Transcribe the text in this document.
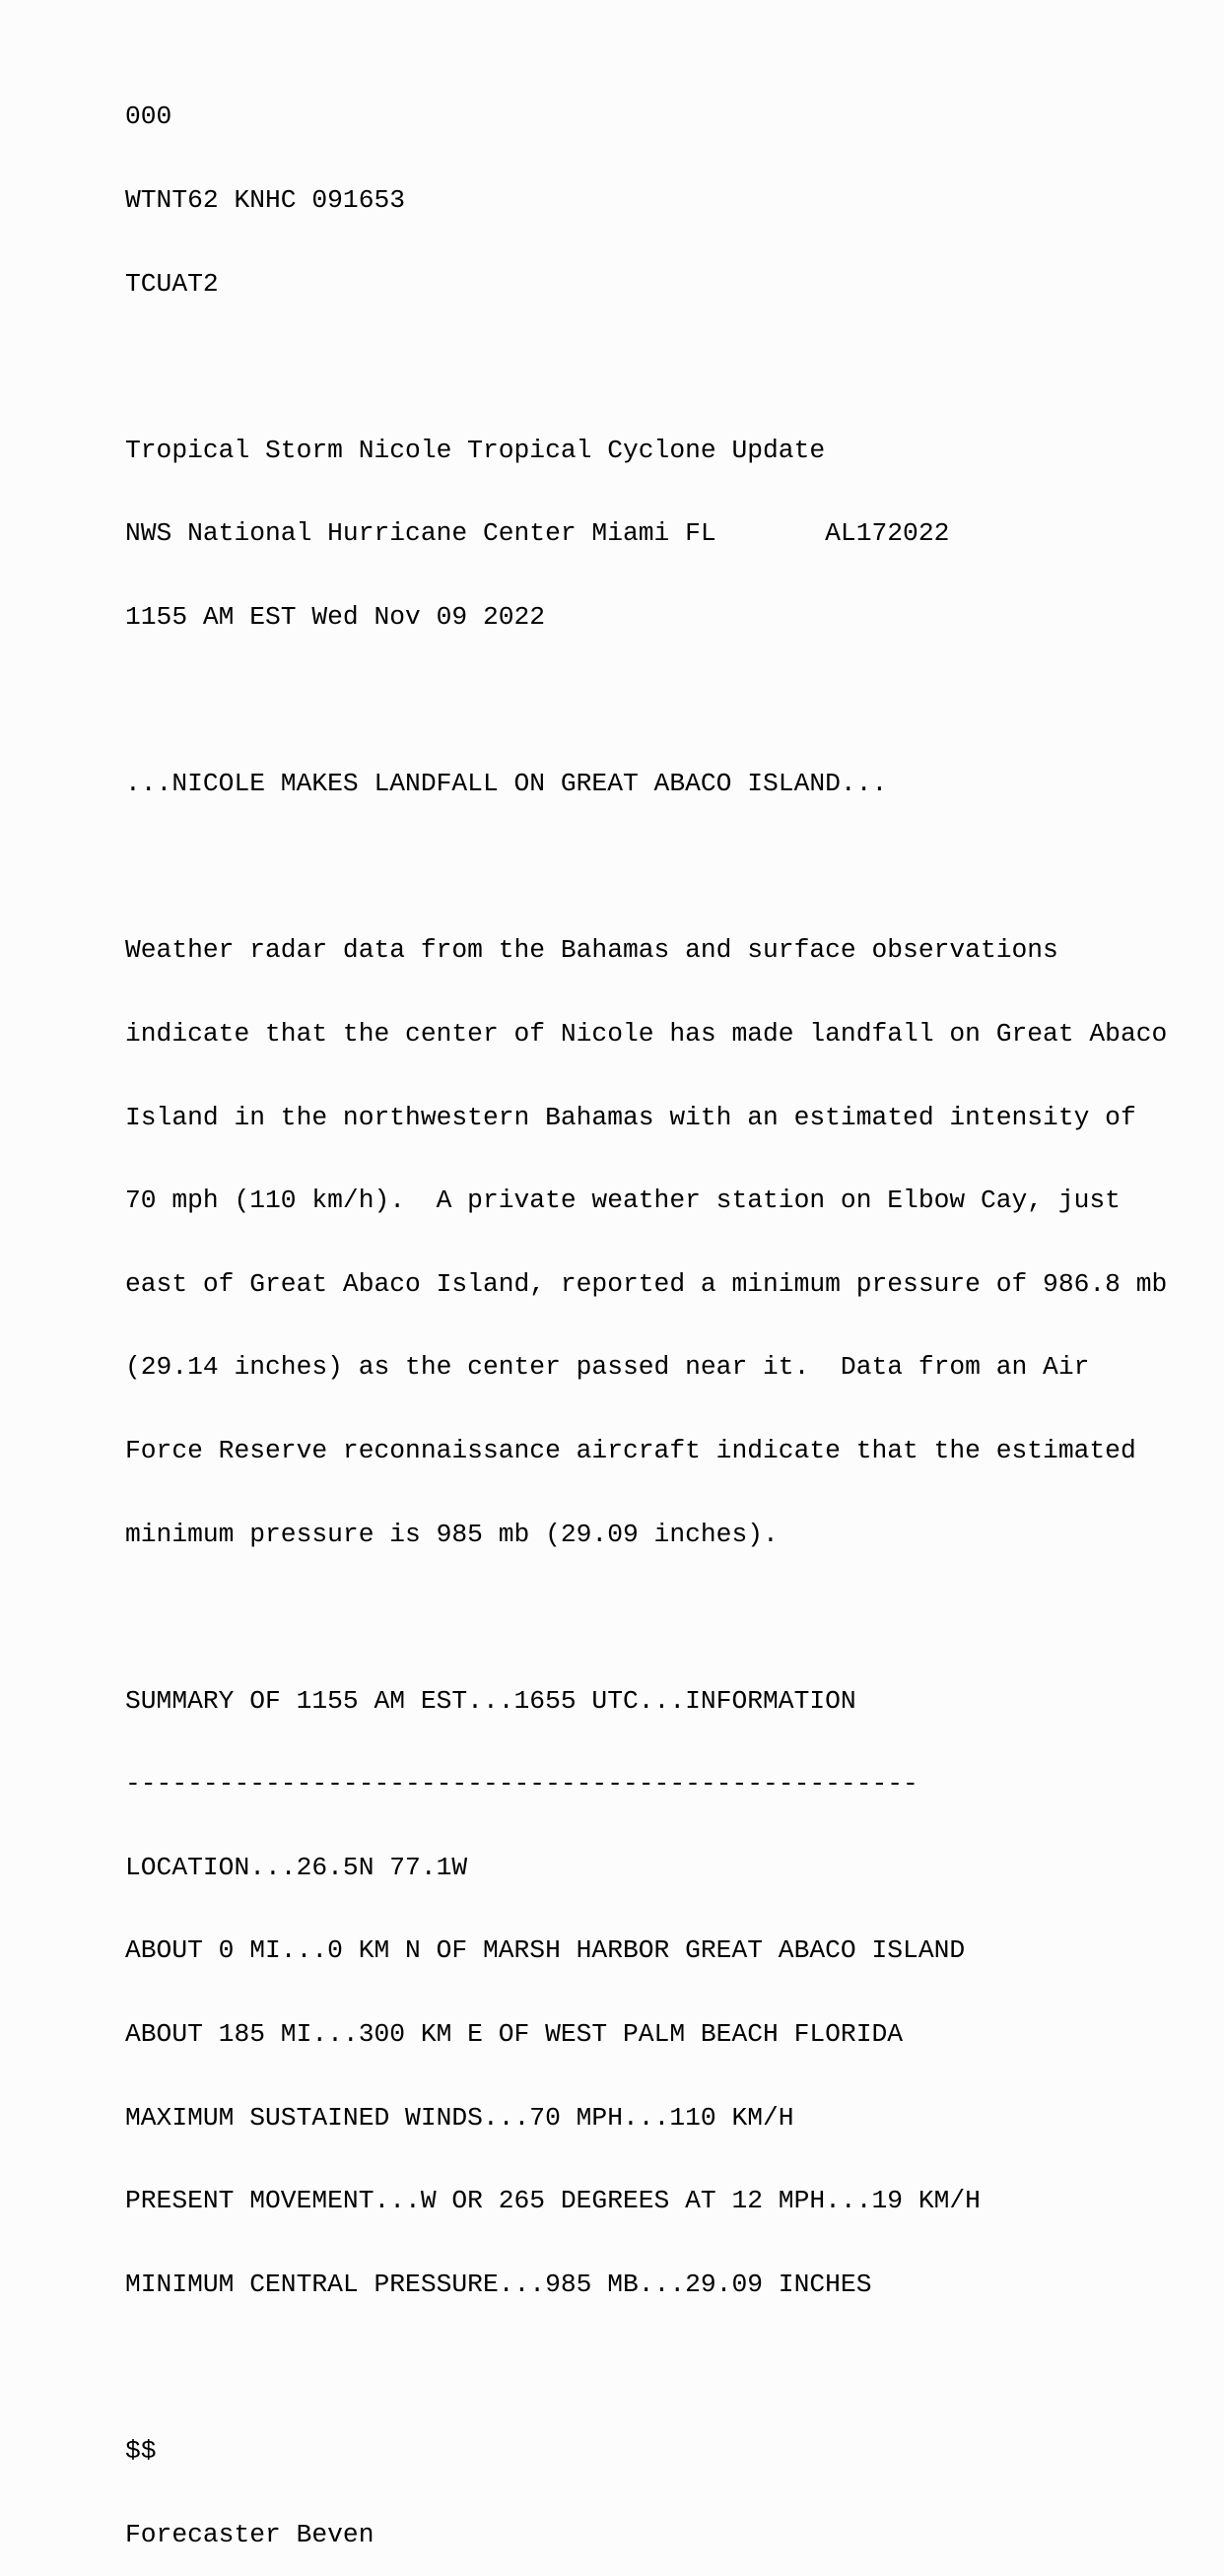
000

WTNT62 KNHC 091653

TCUAT2

Tropical Storm Nicole Tropical Cyclone Update

NWS National Hurricane Center Miami FL       AL172022

1155 AM EST Wed Nov 09 2022

...NICOLE MAKES LANDFALL ON GREAT ABACO ISLAND...

Weather radar data from the Bahamas and surface observations

indicate that the center of Nicole has made landfall on Great Abaco

Island in the northwestern Bahamas with an estimated intensity of

70 mph (110 km/h).  A private weather station on Elbow Cay, just

east of Great Abaco Island, reported a minimum pressure of 986.8 mb

(29.14 inches) as the center passed near it.  Data from an Air

Force Reserve reconnaissance aircraft indicate that the estimated

minimum pressure is 985 mb (29.09 inches).

SUMMARY OF 1155 AM EST...1655 UTC...INFORMATION

---------------------------------------------------

LOCATION...26.5N 77.1W

ABOUT 0 MI...0 KM N OF MARSH HARBOR GREAT ABACO ISLAND

ABOUT 185 MI...300 KM E OF WEST PALM BEACH FLORIDA

MAXIMUM SUSTAINED WINDS...70 MPH...110 KM/H

PRESENT MOVEMENT...W OR 265 DEGREES AT 12 MPH...19 KM/H

MINIMUM CENTRAL PRESSURE...985 MB...29.09 INCHES

$$

Forecaster Beven
